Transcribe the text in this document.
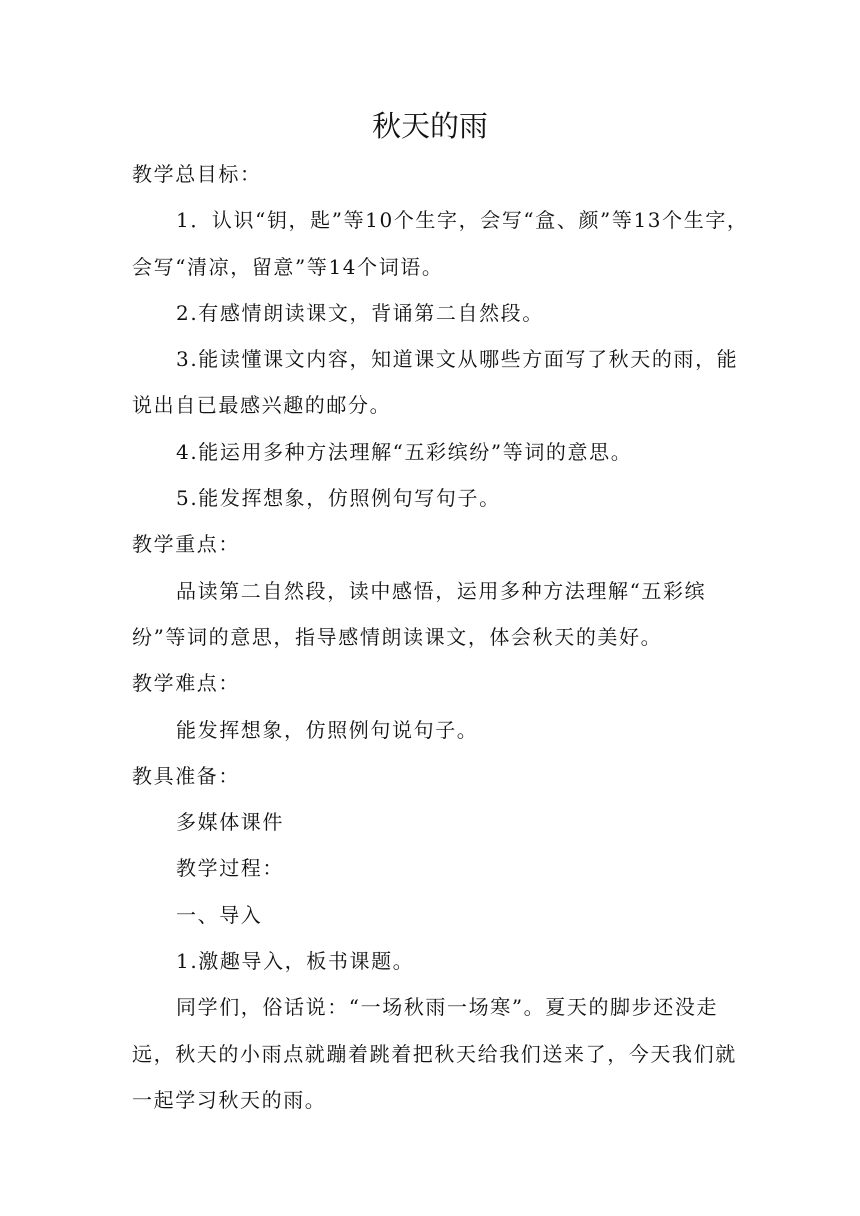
秋天的雨

教学总目标：

1．认识“钥，匙”等10个生字，会写“盒、颜”等13个生字，会写“清凉，留意”等14个词语。

2.有感情朗读课文，背诵第二自然段。

3.能读懂课文内容，知道课文从哪些方面写了秋天的雨，能说出自已最感兴趣的邮分。

4.能运用多种方法理解“五彩缤纷”等词的意思。

5.能发挥想象，仿照例句写句子。

教学重点：

品读第二自然段，读中感悟，运用多种方法理解“五彩缤纷”等词的意思，指导感情朗读课文，体会秋天的美好。

教学难点：

能发挥想象，仿照例句说句子。

教具准备：

多媒体课件

教学过程：

一、导入

1.激趣导入，板书课题。

同学们，俗话说：“一场秋雨一场寒”。夏天的脚步还没走远，秋天的小雨点就蹦着跳着把秋天给我们送来了，今天我们就一起学习秋天的雨。
